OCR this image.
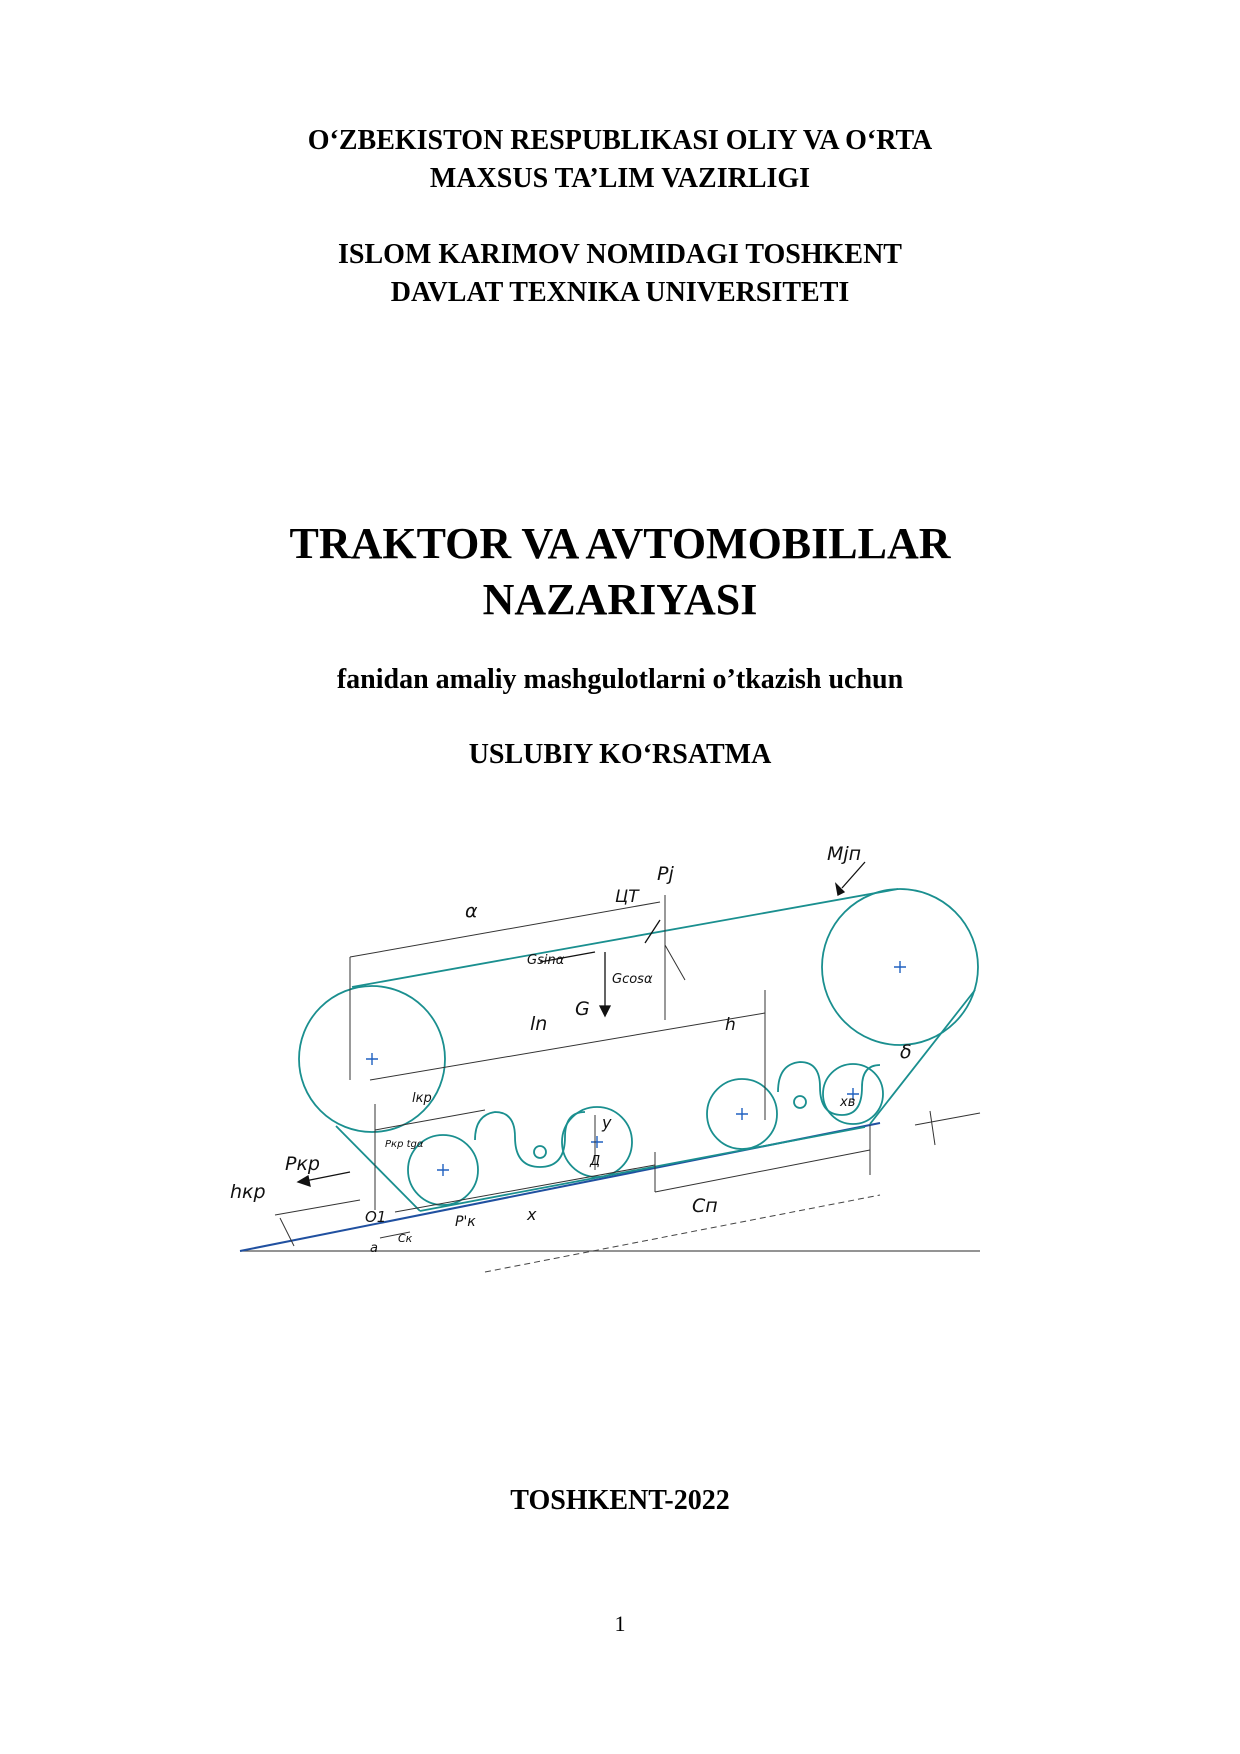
O‘ZBEKISTON RESPUBLIKASI OLIY VA O‘RTA
MAXSUS TA’LIM VAZIRLIGI
ISLOM KARIMOV NOMIDAGI TOSHKENT
DAVLAT TEXNIKA UNIVERSITETI
TRAKTOR VA AVTOMOBILLAR
NAZARIYASI
fanidan amaliy mashgulotlarni o’tkazish uchun
USLUBIY KO‘RSATMA
α
ЦТ
Pj
Mjп
Gsinα
Gcosα
G
ln	h
δ
lкр
Pкр tgα
y
Д
xв
hкр
Pкр
O1	P'к	x	Cп
Cк
a
TOSHKENT-2022
1
